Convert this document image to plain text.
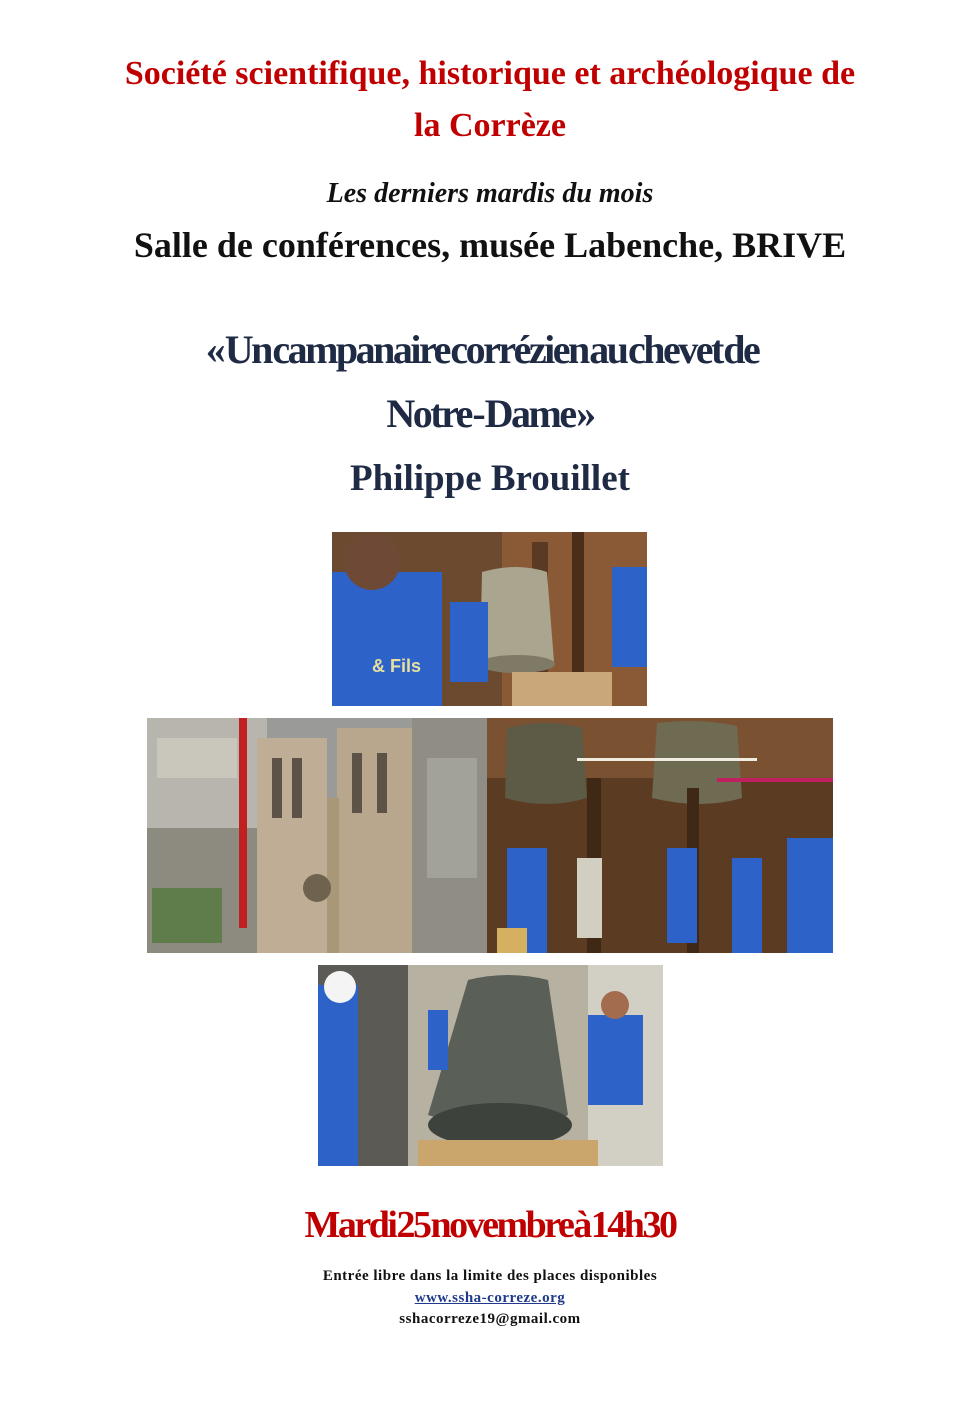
Société scientifique, historique et archéologique de
la Corrèze
Les derniers mardis du mois
Salle de conférences, musée Labenche, BRIVE
« Un campanaire corrézien au chevet de
Notre - Dame »
Philippe Brouillet
& Fils
Mardi 25 novembre à 14h30
Entrée libre dans la limite des places disponibles
www.ssha-correze.org
sshacorreze19@gmail.com
